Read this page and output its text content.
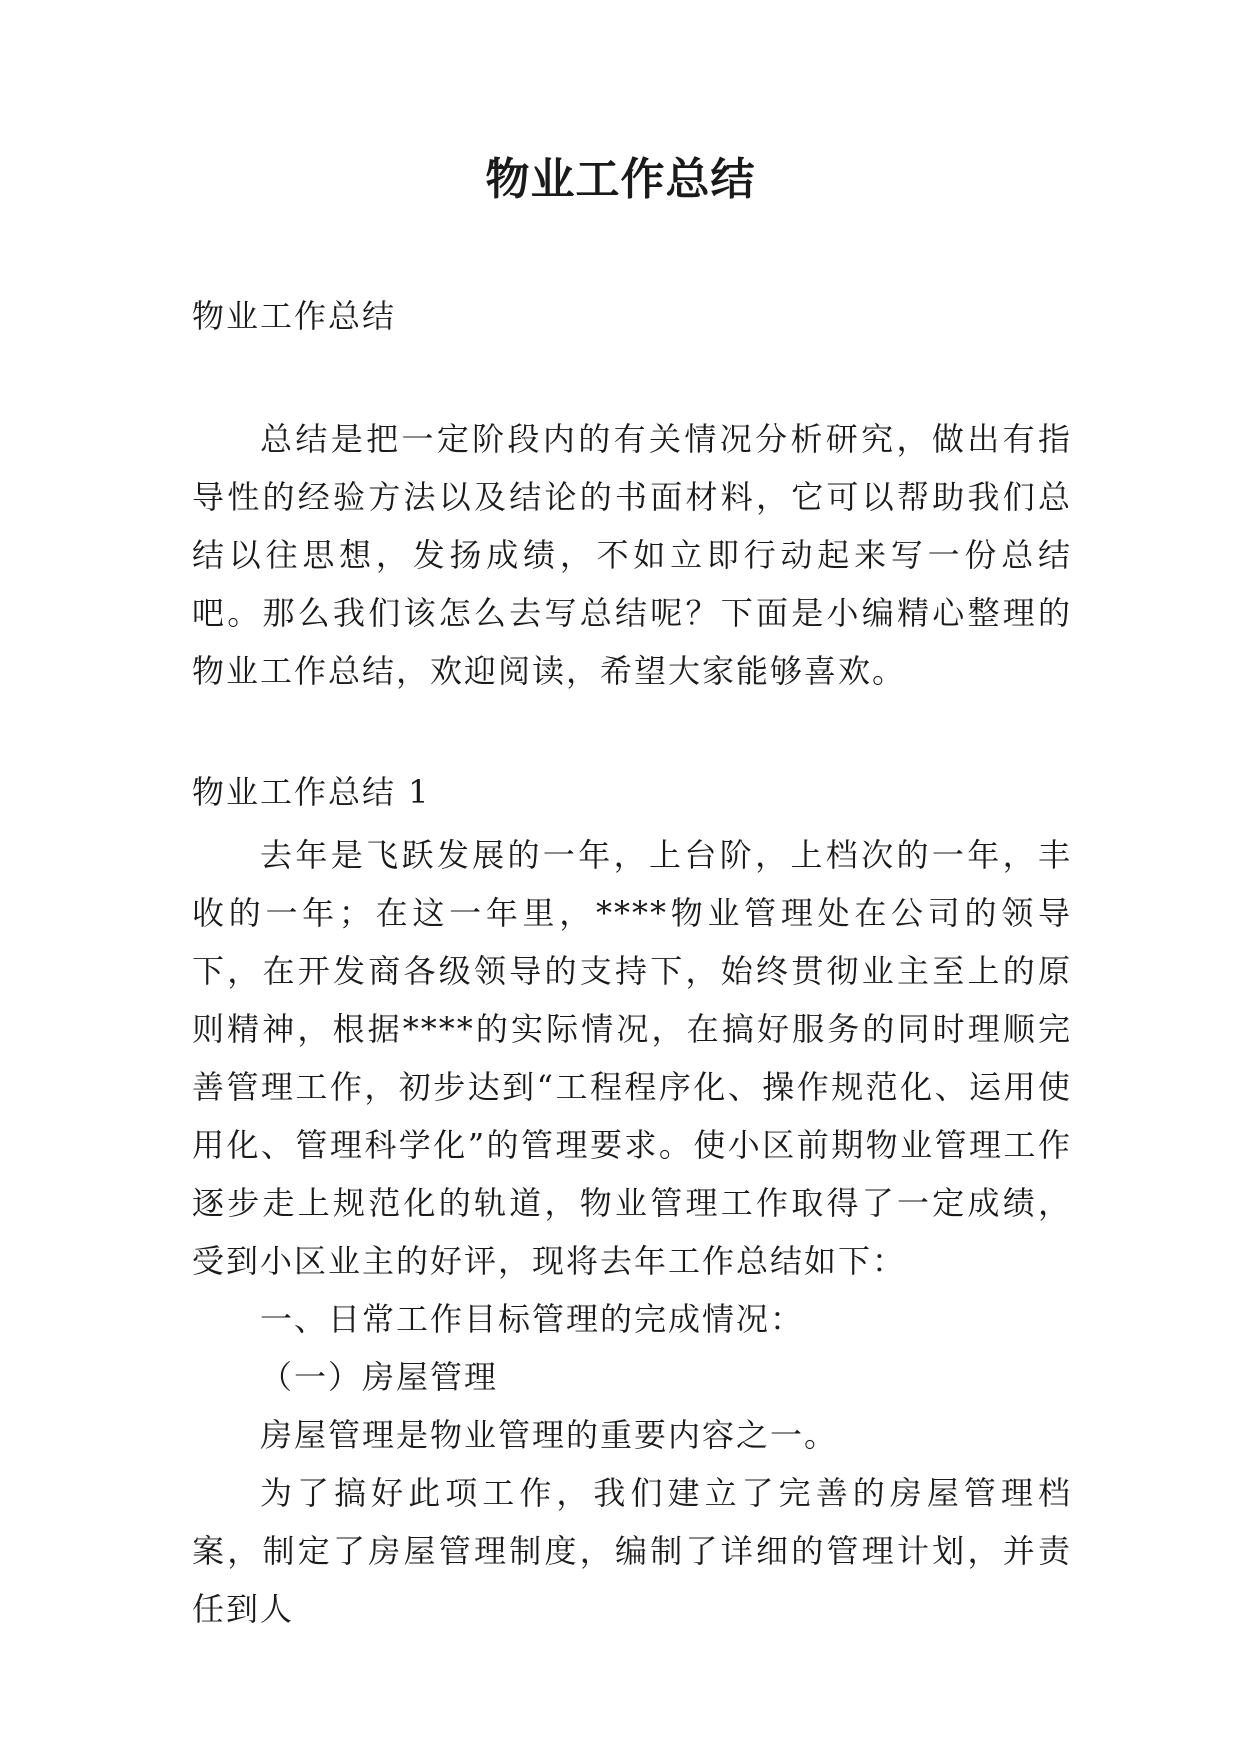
物业工作总结
物业工作总结
总结是把一定阶段内的有关情况分析研究，做出有指导性的经验方法以及结论的书面材料，它可以帮助我们总结以往思想，发扬成绩，不如立即行动起来写一份总结吧。那么我们该怎么去写总结呢？下面是小编精心整理的物业工作总结，欢迎阅读，希望大家能够喜欢。
物业工作总结 1

去年是飞跃发展的一年，上台阶，上档次的一年，丰收的一年；在这一年里，****物业管理处在公司的领导下，在开发商各级领导的支持下，始终贯彻业主至上的原则精神，根据****的实际情况，在搞好服务的同时理顺完善管理工作，初步达到“工程程序化、操作规范化、运用使用化、管理科学化”的管理要求。使小区前期物业管理工作逐步走上规范化的轨道，物业管理工作取得了一定成绩，受到小区业主的好评，现将去年工作总结如下：

一、日常工作目标管理的完成情况：

（一）房屋管理

房屋管理是物业管理的重要内容之一。

为了搞好此项工作，我们建立了完善的房屋管理档案，制定了房屋管理制度，编制了详细的管理计划，并责任到人
